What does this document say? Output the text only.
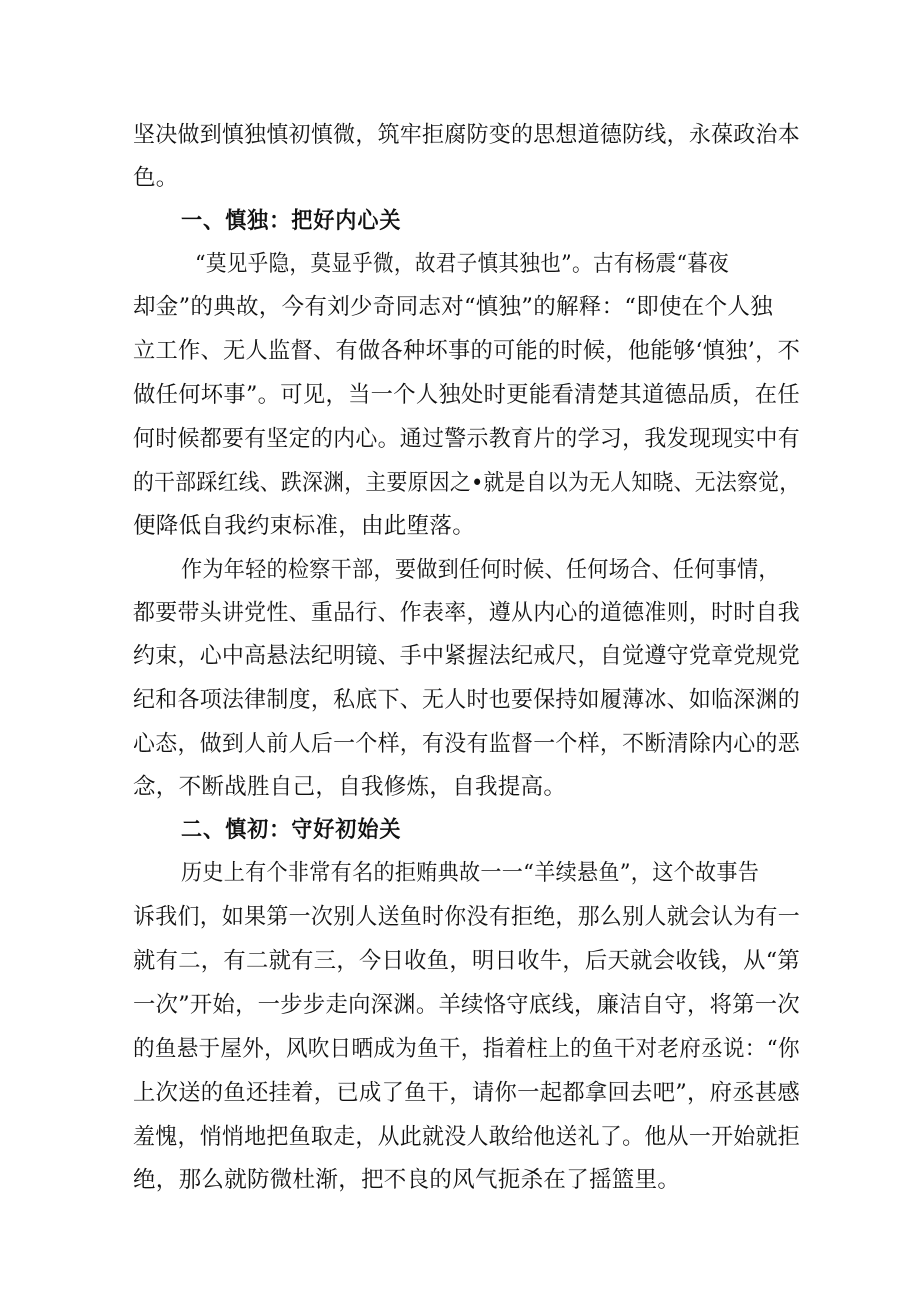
坚决做到慎独慎初慎微，筑牢拒腐防变的思想道德防线，永葆政治本
色。
一、慎独：把好内心关
“莫见乎隐，莫显乎微，故君子慎其独也”。古有杨震“暮夜
却金”的典故，今有刘少奇同志对“慎独”的解释：“即使在个人独
立工作、无人监督、有做各种坏事的可能的时候，他能够‘慎独’，不
做任何坏事”。可见，当一个人独处时更能看清楚其道德品质，在任
何时候都要有坚定的内心。通过警示教育片的学习，我发现现实中有
的干部踩红线、跌深渊，主要原因之•就是自以为无人知晓、无法察觉，
便降低自我约束标准，由此堕落。
作为年轻的检察干部，要做到任何时候、任何场合、任何事情，
都要带头讲党性、重品行、作表率，遵从内心的道德准则，时时自我
约束，心中高悬法纪明镜、手中紧握法纪戒尺，自觉遵守党章党规党
纪和各项法律制度，私底下、无人时也要保持如履薄冰、如临深渊的
心态，做到人前人后一个样，有没有监督一个样，不断清除内心的恶
念，不断战胜自己，自我修炼，自我提高。
二、慎初：守好初始关
历史上有个非常有名的拒贿典故一一“羊续悬鱼”，这个故事告
诉我们，如果第一次别人送鱼时你没有拒绝，那么别人就会认为有一
就有二，有二就有三，今日收鱼，明日收牛，后天就会收钱，从“第
一次”开始，一步步走向深渊。羊续恪守底线，廉洁自守，将第一次
的鱼悬于屋外，风吹日晒成为鱼干，指着柱上的鱼干对老府丞说：“你
上次送的鱼还挂着，已成了鱼干，请你一起都拿回去吧”，府丞甚感
羞愧，悄悄地把鱼取走，从此就没人敢给他送礼了。他从一开始就拒
绝，那么就防微杜渐，把不良的风气扼杀在了摇篮里。
